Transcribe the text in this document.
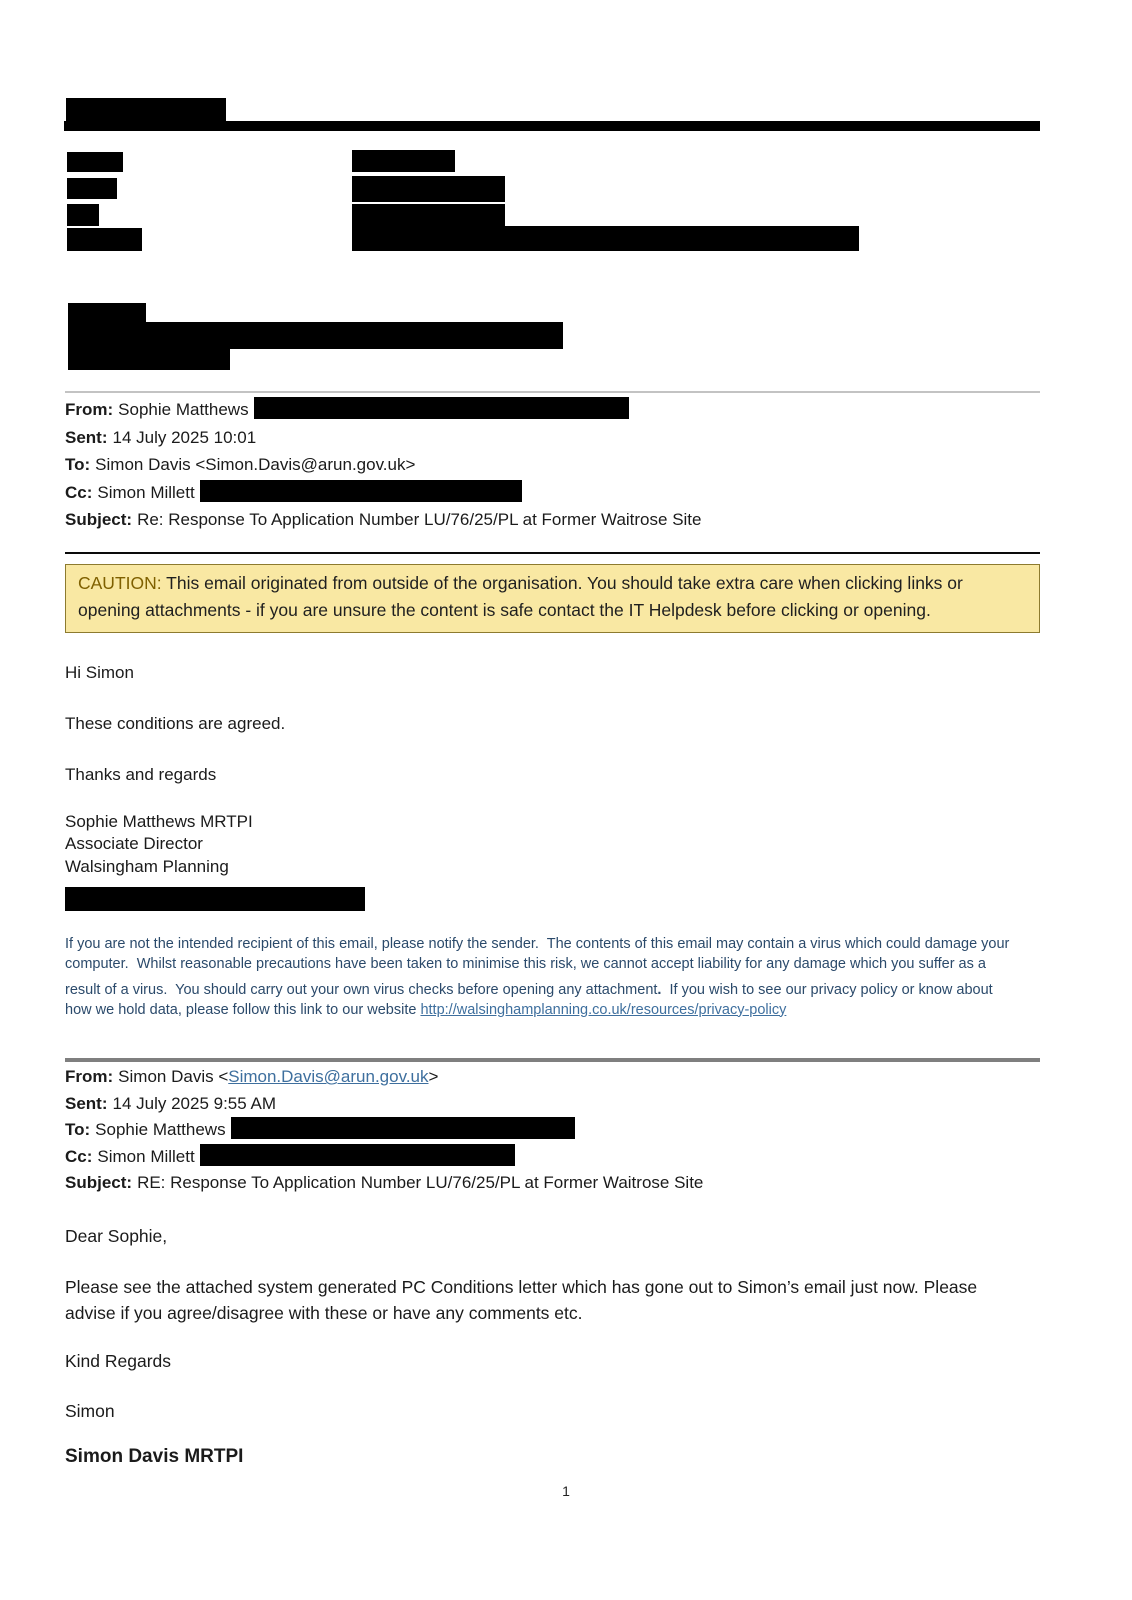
From: Sophie Matthews
Sent: 14 July 2025 10:01
To: Simon Davis <Simon.Davis@arun.gov.uk>
Cc: Simon Millett
Subject: Re: Response To Application Number LU/76/25/PL at Former Waitrose Site
CAUTION: This email originated from outside of the organisation. You should take extra care when clicking links or opening attachments - if you are unsure the content is safe contact the IT Helpdesk before clicking or opening.
Hi Simon
These conditions are agreed.
Thanks and regards
Sophie Matthews MRTPI
Associate Director
Walsingham Planning
If you are not the intended recipient of this email, please notify the sender.  The contents of this email may contain a virus which could damage your
computer.  Whilst reasonable precautions have been taken to minimise this risk, we cannot accept liability for any damage which you suffer as a
result of a virus.  You should carry out your own virus checks before opening any attachment.  If you wish to see our privacy policy or know about
how we hold data, please follow this link to our website http://walsinghamplanning.co.uk/resources/privacy-policy
From: Simon Davis <Simon.Davis@arun.gov.uk>
Sent: 14 July 2025 9:55 AM
To: Sophie Matthews
Cc: Simon Millett
Subject: RE: Response To Application Number LU/76/25/PL at Former Waitrose Site
Dear Sophie,
Please see the attached system generated PC Conditions letter which has gone out to Simon’s email just now. Please advise if you agree/disagree with these or have any comments etc.
Kind Regards
Simon
Simon Davis MRTPI
1
